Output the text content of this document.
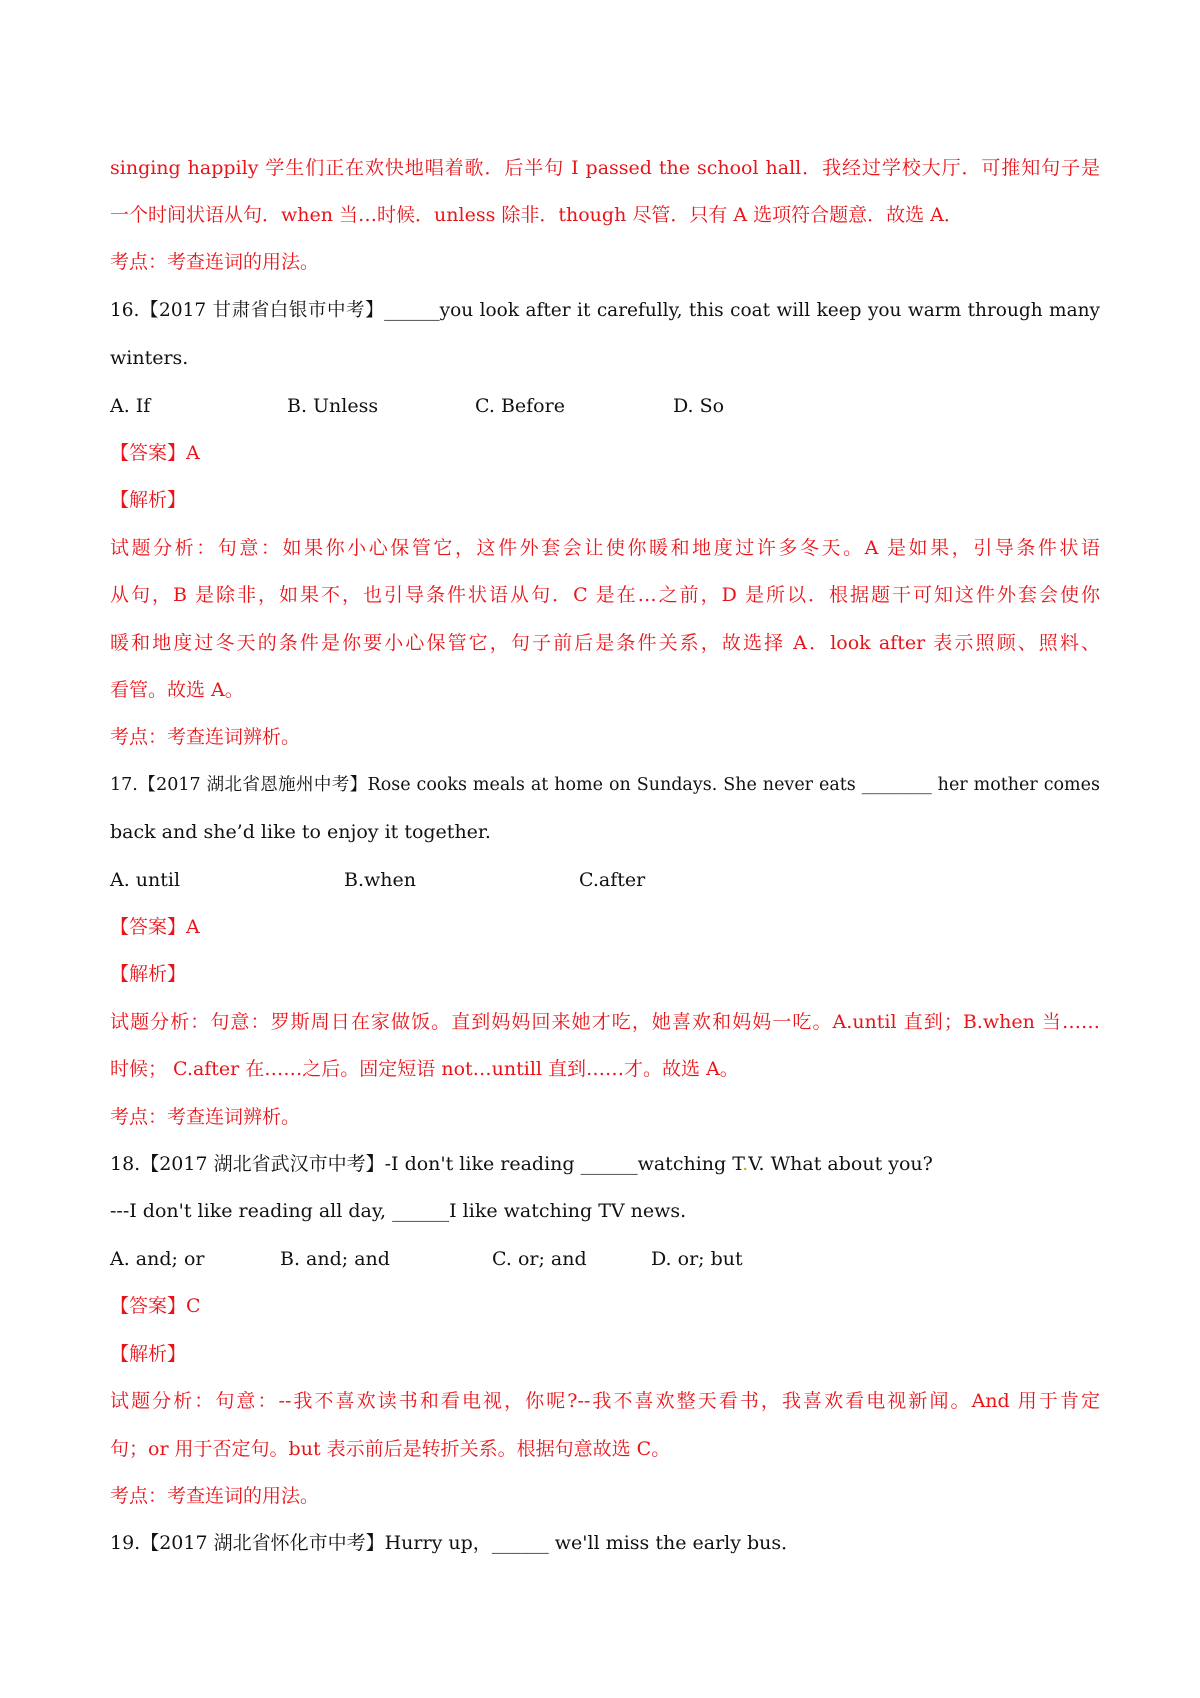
singing happily 学生们正在欢快地唱着歌．后半句 I passed the school hall．我经过学校大厅．可推知句子是
一个时间状语从句．when 当…时候．unless 除非．though 尽管．只有 A 选项符合题意．故选 A．
考点：考查连词的用法。
16.【2017 甘肃省白银市中考】______you look after it carefully, this coat will keep you warm through many
winters.
A. If	B. Unless	C. Before	D. So
【答案】A
【解析】
试题分析：句意：如果你小心保管它，这件外套会让使你暖和地度过许多冬天。A 是如果，引导条件状语
从句，B 是除非，如果不，也引导条件状语从句．C 是在…之前，D 是所以．根据题干可知这件外套会使你
暖和地度过冬天的条件是你要小心保管它，句子前后是条件关系，故选择 A．look after 表示照顾、照料、
看管。故选 A。
考点：考查连词辨析。
17.【2017 湖北省恩施州中考】Rose cooks meals at home on Sundays. She never eats ________ her mother comes
back and she’d like to enjoy it together.
A. until	B.when	C.after
【答案】A
【解析】
试题分析：句意：罗斯周日在家做饭。直到妈妈回来她才吃，她喜欢和妈妈一吃。A.until 直到；B.when 当……
时候； C.after 在……之后。固定短语 not…untill 直到……才。故选 A。
考点：考查连词辨析。
18.【2017 湖北省武汉市中考】-I don't like reading ______watching T.V. What about you?
---I don't like reading all day, ______I like watching TV news.
A. and; or	B. and; and	C. or; and	D. or; but
【答案】C
【解析】
试题分析：句意：--我不喜欢读书和看电视，你呢?--我不喜欢整天看书，我喜欢看电视新闻。And 用于肯定
句；or 用于否定句。but 表示前后是转折关系。根据句意故选 C。
考点：考查连词的用法。
19.【2017 湖北省怀化市中考】Hurry up，______ we'll miss the early bus．
